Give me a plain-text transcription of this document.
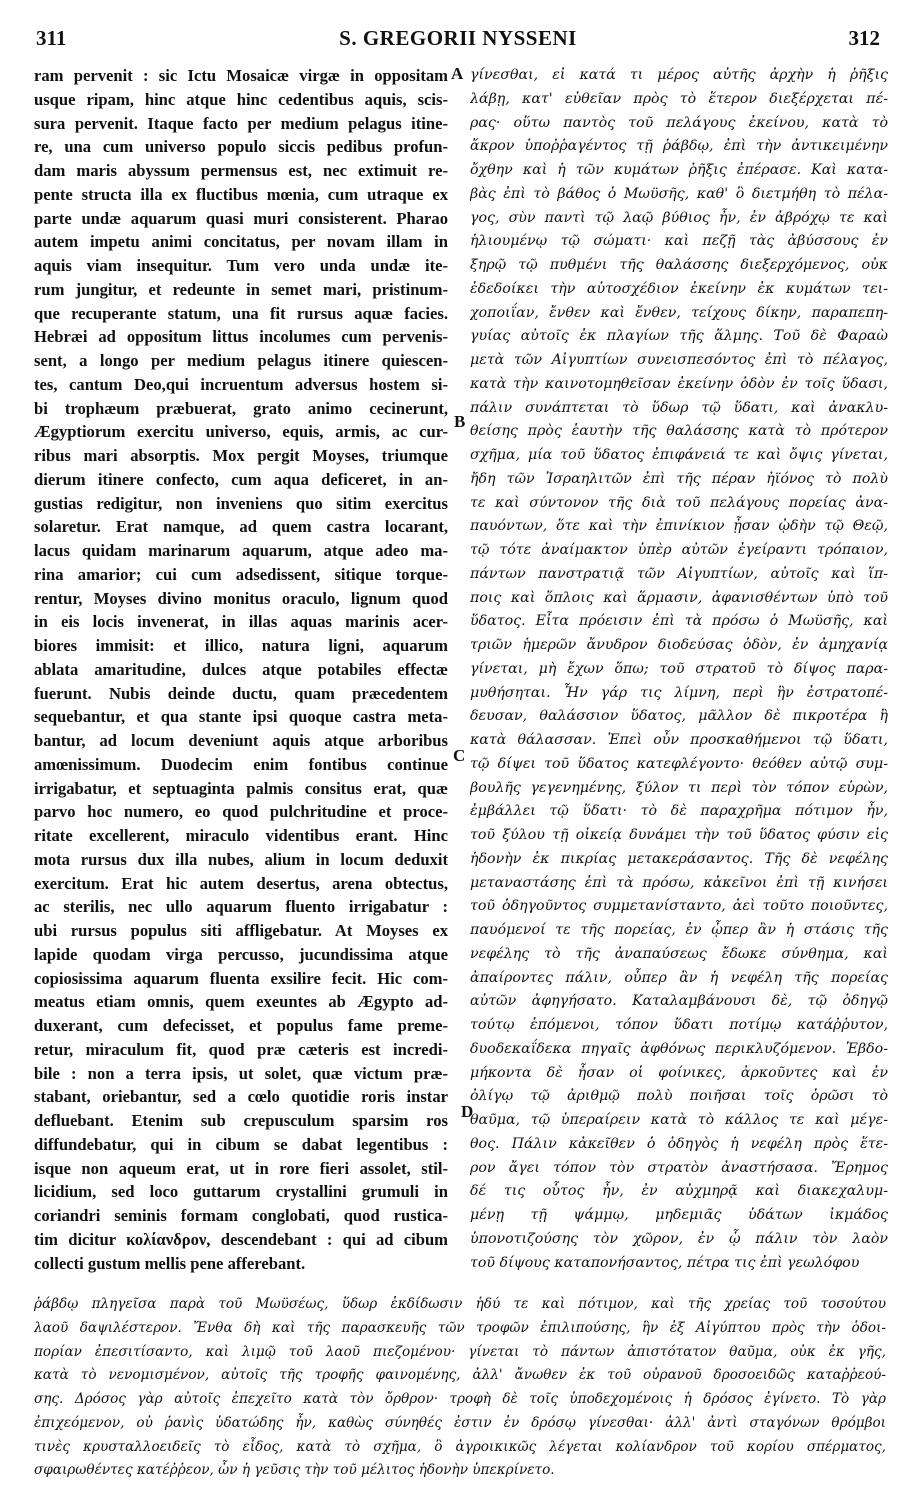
311	S. GREGORII NYSSENI	312
ram pervenit : sic Ictu Mosaicæ virgæ in oppositam
usque ripam, hinc atque hinc cedentibus aquis, scis-
sura pervenit. Itaque facto per medium pelagus itine-
re, una cum universo populo siccis pedibus profun-
dam maris abyssum permensus est, nec extimuit re-
pente structa illa ex fluctibus mœnia, cum utraque ex
parte undæ aquarum quasi muri consisterent. Pharao
autem impetu animi concitatus, per novam illam in
aquis viam insequitur. Tum vero unda undæ ite-
rum jungitur, et redeunte in semet mari, pristinum-
que recuperante statum, una fit rursus aquæ facies.
Hebræi ad oppositum littus incolumes cum pervenis-
sent, a longo per medium pelagus itinere quiescen-
tes, cantum Deo,qui incruentum adversus hostem si-
bi trophæum præbuerat, grato animo cecinerunt,
Ægyptiorum exercitu universo, equis, armis, ac cur-
ribus mari absorptis. Mox pergit Moyses, triumque
dierum itinere confecto, cum aqua deficeret, in an-
gustias redigitur, non inveniens quo sitim exercitus
solaretur. Erat namque, ad quem castra locarant,
lacus quidam marinarum aquarum, atque adeo ma-
rina amarior; cui cum adsedissent, sitique torque-
rentur, Moyses divino monitus oraculo, lignum quod
in eis locis invenerat, in illas aquas marinis acer-
biores immisit: et illico, natura ligni, aquarum
ablata amaritudine, dulces atque potabiles effectæ
fuerunt. Nubis deinde ductu, quam præcedentem
sequebantur, et qua stante ipsi quoque castra meta-
bantur, ad locum deveniunt aquis atque arboribus
amœnissimum. Duodecim enim fontibus continue
irrigabatur, et septuaginta palmis consitus erat, quæ
parvo hoc numero, eo quod pulchritudine et proce-
ritate excellerent, miraculo videntibus erant. Hinc
mota rursus dux illa nubes, alium in locum deduxit
exercitum. Erat hic autem desertus, arena obtectus,
ac sterilis, nec ullo aquarum fluento irrigabatur :
ubi rursus populus siti affligebatur. At Moyses ex
lapide quodam virga percusso, jucundissima atque
copiosissima aquarum fluenta exsilire fecit. Hic com-
meatus etiam omnis, quem exeuntes ab Ægypto ad-
duxerant, cum defecisset, et populus fame preme-
retur, miraculum fit, quod præ cæteris est incredi-
bile : non a terra ipsis, ut solet, quæ victum præ-
stabant, oriebantur, sed a cœlo quotidie roris instar
defluebant. Etenim sub crepusculum sparsim ros
diffundebatur, qui in cibum se dabat legentibus :
isque non aqueum erat, ut in rore fieri assolet, stil-
licidium, sed loco guttarum crystallini grumuli in
coriandri seminis formam conglobati, quod rustica-
tim dicitur κολίανδρον, descendebant : qui ad cibum
collecti gustum mellis pene afferebant.
γίνεσθαι, εἰ κατά τι μέρος αὐτῆς ἀρχὴν ἡ ῥῆξις
λάβῃ, κατ' εὐθεῖαν πρὸς τὸ ἕτερον διεξέρχεται πέ-
ρας· οὕτω παντὸς τοῦ πελάγους ἐκείνου, κατὰ τὸ
ἄκρον ὑποῤῥαγέντος τῇ ῥάβδῳ, ἐπὶ τὴν ἀντικειμένην
ὄχθην καὶ ἡ τῶν κυμάτων ῥῆξις ἐπέρασε. Καὶ κατα-
βὰς ἐπὶ τὸ βάθος ὁ Μωϋσῆς, καθ' ὃ διετμήθη τὸ πέλα-
γος, σὺν παντὶ τῷ λαῷ βύθιος ἦν, ἐν ἀβρόχῳ τε καὶ
ἡλιουμένῳ τῷ σώματι· καὶ πεζῇ τὰς ἀβύσσους ἐν
ξηρῷ τῷ πυθμένι τῆς θαλάσσης διεξερχόμενος, οὐκ
ἐδεδοίκει τὴν αὐτοσχέδιον ἐκείνην ἐκ κυμάτων τει-
χοποιΐαν, ἔνθεν καὶ ἔνθεν, τείχους δίκην, παραπεπη-
γυίας αὐτοῖς ἐκ πλαγίων τῆς ἅλμης. Τοῦ δὲ Φαραὼ
μετὰ τῶν Αἰγυπτίων συνεισπεσόντος ἐπὶ τὸ πέλαγος,
κατὰ τὴν καινοτομηθεῖσαν ἐκείνην ὁδὸν ἐν τοῖς ὕδασι,
πάλιν συνάπτεται τὸ ὕδωρ τῷ ὕδατι, καὶ ἀνακλυ-
θείσης πρὸς ἑαυτὴν τῆς θαλάσσης κατὰ τὸ πρότερον
σχῆμα, μία τοῦ ὕδατος ἐπιφάνειά τε καὶ ὄψις γίνεται,
ἤδη τῶν Ἰσραηλιτῶν ἐπὶ τῆς πέραν ἠϊόνος τὸ πολὺ
τε καὶ σύντονον τῆς διὰ τοῦ πελάγους πορείας ἀνα-
παυόντων, ὅτε καὶ τὴν ἐπινίκιον ᾖσαν ᾠδὴν τῷ Θεῷ,
τῷ τότε ἀναίμακτον ὑπὲρ αὐτῶν ἐγείραντι τρόπαιον,
πάντων πανστρατιᾷ τῶν Αἰγυπτίων, αὐτοῖς καὶ ἵπ-
ποις καὶ ὅπλοις καὶ ἅρμασιν, ἀφανισθέντων ὑπὸ τοῦ
ὕδατος. Εἶτα πρόεισιν ἐπὶ τὰ πρόσω ὁ Μωϋσῆς, καὶ
τριῶν ἡμερῶν ἄνυδρον διοδεύσας ὁδὸν, ἐν ἀμηχανίᾳ
γίνεται, μὴ ἔχων ὅπω; τοῦ στρατοῦ τὸ δίψος παρα-
μυθήσηται. Ἦν γάρ τις λίμνη, περὶ ἣν ἐστρατοπέ-
δευσαν, θαλάσσιον ὕδατος, μᾶλλον δὲ πικροτέρα ἢ
κατὰ θάλασσαν. Ἐπεὶ οὖν προσκαθήμενοι τῷ ὕδατι,
τῷ δίψει τοῦ ὕδατος κατεφλέγοντο· θεόθεν αὐτῷ συμ-
βουλῆς γεγενημένης, ξύλον τι περὶ τὸν τόπον εὑρὼν,
ἐμβάλλει τῷ ὕδατι· τὸ δὲ παραχρῆμα πότιμον ἦν,
τοῦ ξύλου τῇ οἰκείᾳ δυνάμει τὴν τοῦ ὕδατος φύσιν εἰς
ἡδονὴν ἐκ πικρίας μετακεράσαντος. Τῆς δὲ νεφέλης
μεταναστάσης ἐπὶ τὰ πρόσω, κἀκεῖνοι ἐπὶ τῇ κινήσει
τοῦ ὁδηγοῦντος συμμετανίσταντο, ἀεὶ τοῦτο ποιοῦντες,
παυόμενοί τε τῆς πορείας, ἐν ᾧπερ ἂν ἡ στάσις τῆς
νεφέλης τὸ τῆς ἀναπαύσεως ἔδωκε σύνθημα, καὶ
ἀπαίροντες πάλιν, οὗπερ ἂν ἡ νεφέλη τῆς πορείας
αὐτῶν ἀφηγήσατο. Καταλαμβάνουσι δὲ, τῷ ὁδηγῷ
τούτῳ ἑπόμενοι, τόπον ὕδατι ποτίμῳ κατάῤῥυτον,
δυοδεκαΐδεκα πηγαῖς ἀφθόνως περικλυζόμενον. Ἑβδο-
μήκοντα δὲ ἦσαν οἱ φοίνικες, ἀρκοῦντες καὶ ἐν
ὀλίγῳ τῷ ἀριθμῷ πολὺ ποιῆσαι τοῖς ὁρῶσι τὸ
θαῦμα, τῷ ὑπεραίρειν κατὰ τὸ κάλλος τε καὶ μέγε-
θος. Πάλιν κἀκεῖθεν ὁ ὁδηγὸς ἡ νεφέλη πρὸς ἕτε-
ρον ἄγει τόπον τὸν στρατὸν ἀναστήσασα. Ἔρημος
δέ τις οὗτος ἦν, ἐν αὐχμηρᾷ καὶ διακεχαλυμ-
μένῃ τῇ ψάμμῳ, μηδεμιᾶς ὑδάτων ἰκμάδος
ὑπονοτιζούσης τὸν χῶρον, ἐν ᾧ πάλιν τὸν λαὸν
τοῦ δίψους καταπονήσαντος, πέτρα τις ἐπὶ γεωλόφου
A
B
C
D
ῥάβδῳ πληγεῖσα παρὰ τοῦ Μωϋσέως, ὕδωρ ἐκδίδωσιν ἡδύ τε καὶ πότιμον, καὶ τῆς χρείας τοῦ τοσούτου
λαοῦ δαψιλέστερον. Ἔνθα δὴ καὶ τῆς παρασκευῆς τῶν τροφῶν ἐπιλιπούσης, ἣν ἐξ Αἰγύπτου πρὸς τὴν ὁδοι-
πορίαν ἐπεσιτίσαντο, καὶ λιμῷ τοῦ λαοῦ πιεζομένου· γίνεται τὸ πάντων ἀπιστότατον θαῦμα, οὐκ ἐκ γῆς,
κατὰ τὸ νενομισμένον, αὐτοῖς τῆς τροφῆς φαινομένης, ἀλλ' ἄνωθεν ἐκ τοῦ οὐρανοῦ δροσοειδῶς καταῤῥεού-
σης. Δρόσος γὰρ αὐτοῖς ἐπεχεῖτο κατὰ τὸν ὄρθρον· τροφὴ δὲ τοῖς ὑποδεχομένοις ἡ δρόσος ἐγίνετο. Τὸ γὰρ
ἐπιχεόμενον, οὐ ῥανὶς ὑδατώδης ἦν, καθὼς σύνηθές ἐστιν ἐν δρόσῳ γίνεσθαι· ἀλλ' ἀντὶ σταγόνων θρόμβοι
τινὲς κρυσταλλοειδεῖς τὸ εἶδος, κατὰ τὸ σχῆμα, ὃ ἀγροικικῶς λέγεται κολίανδρον τοῦ κορίου σπέρματος,
σφαιρωθέντες κατέῤῥεον, ὧν ἡ γεῦσις τὴν τοῦ μέλιτος ἡδονὴν ὑπεκρίνετο.
